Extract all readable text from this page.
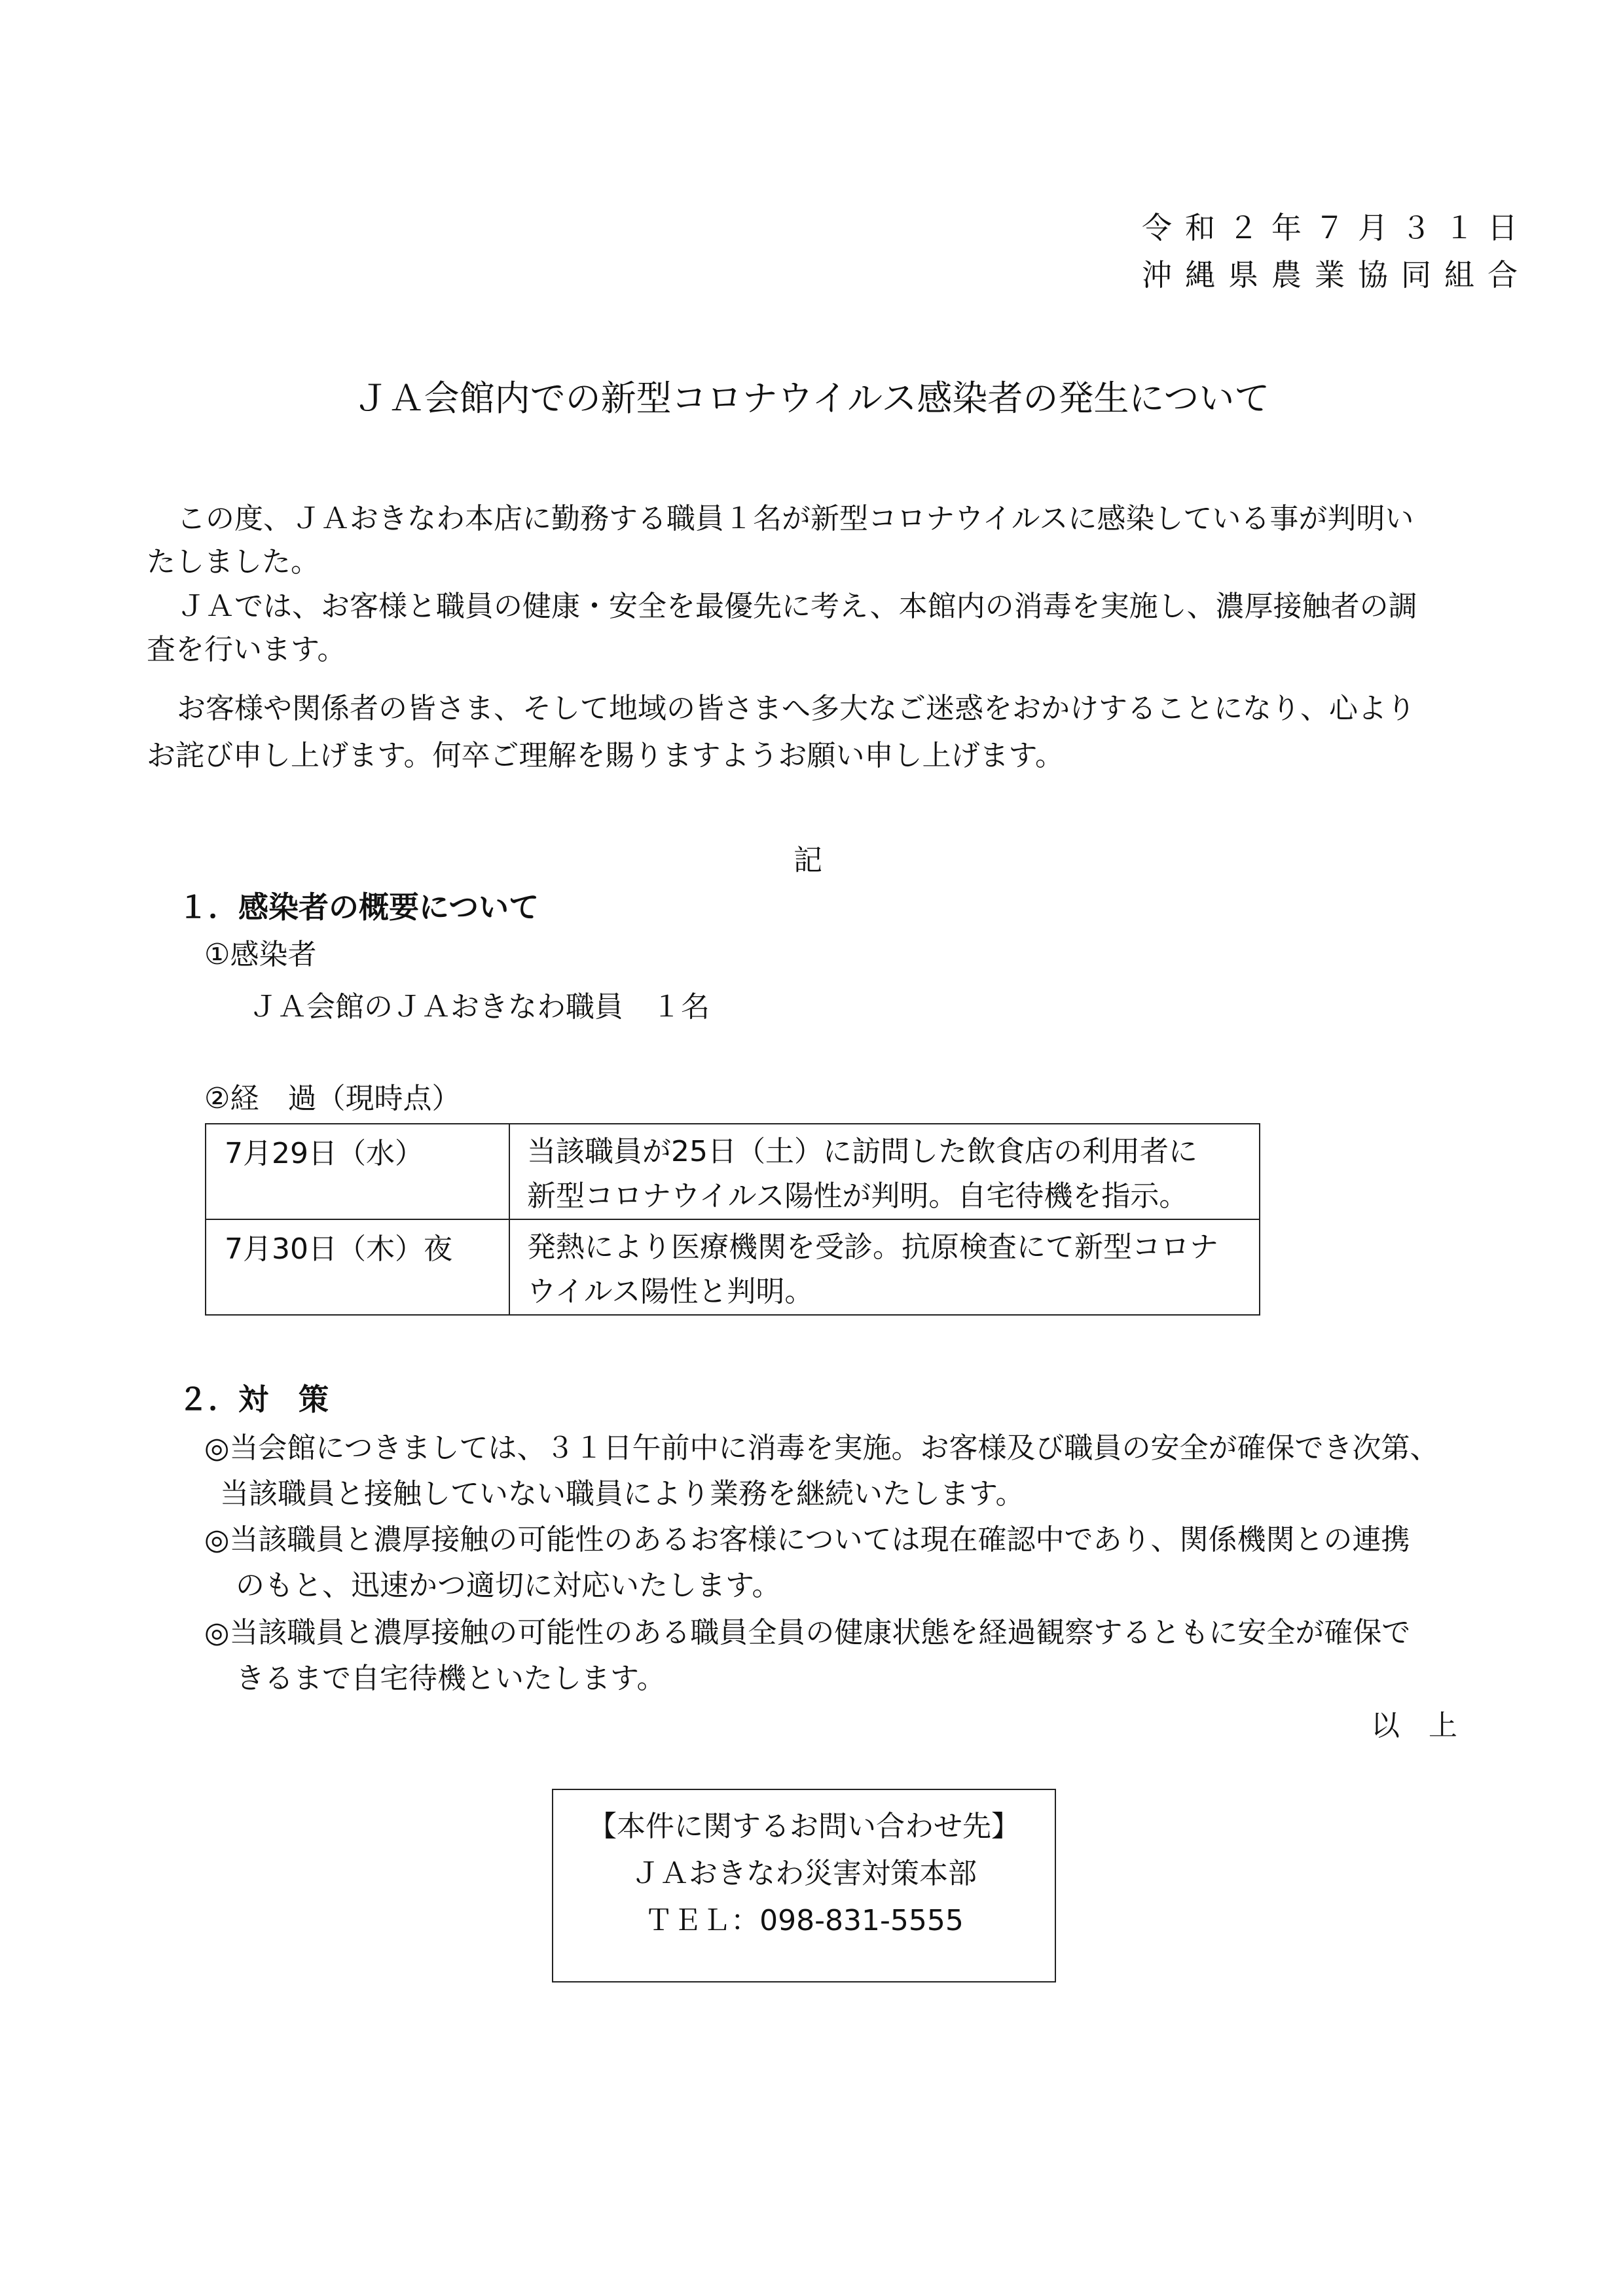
令和２年７月３１日
沖縄県農業協同組合
ＪＡ会館内での新型コロナウイルス感染者の発生について
この度、ＪＡおきなわ本店に勤務する職員１名が新型コロナウイルスに感染している事が判明い
たしました。
ＪＡでは、お客様と職員の健康・安全を最優先に考え、本館内の消毒を実施し、濃厚接触者の調
査を行います。
お客様や関係者の皆さま、そして地域の皆さまへ多大なご迷惑をおかけすることになり、心より
お詫び申し上げます。何卒ご理解を賜りますようお願い申し上げます。
記
１．感染者の概要について
①感染者
ＪＡ会館のＪＡおきなわ職員　１名
②経　過（現時点）
7月29日（水）	当該職員が25日（土）に訪問した飲食店の利用者に
新型コロナウイルス陽性が判明。自宅待機を指示。

7月30日（木）夜	発熱により医療機関を受診。抗原検査にて新型コロナ
ウイルス陽性と判明。
２．対　策
◎当会館につきましては、３１日午前中に消毒を実施。お客様及び職員の安全が確保でき次第、
当該職員と接触していない職員により業務を継続いたします。
◎当該職員と濃厚接触の可能性のあるお客様については現在確認中であり、関係機関との連携
のもと、迅速かつ適切に対応いたします。
◎当該職員と濃厚接触の可能性のある職員全員の健康状態を経過観察するともに安全が確保で
きるまで自宅待機といたします。
以　上
【本件に関するお問い合わせ先】
ＪＡおきなわ災害対策本部
ＴＥＬ：098-831-5555
